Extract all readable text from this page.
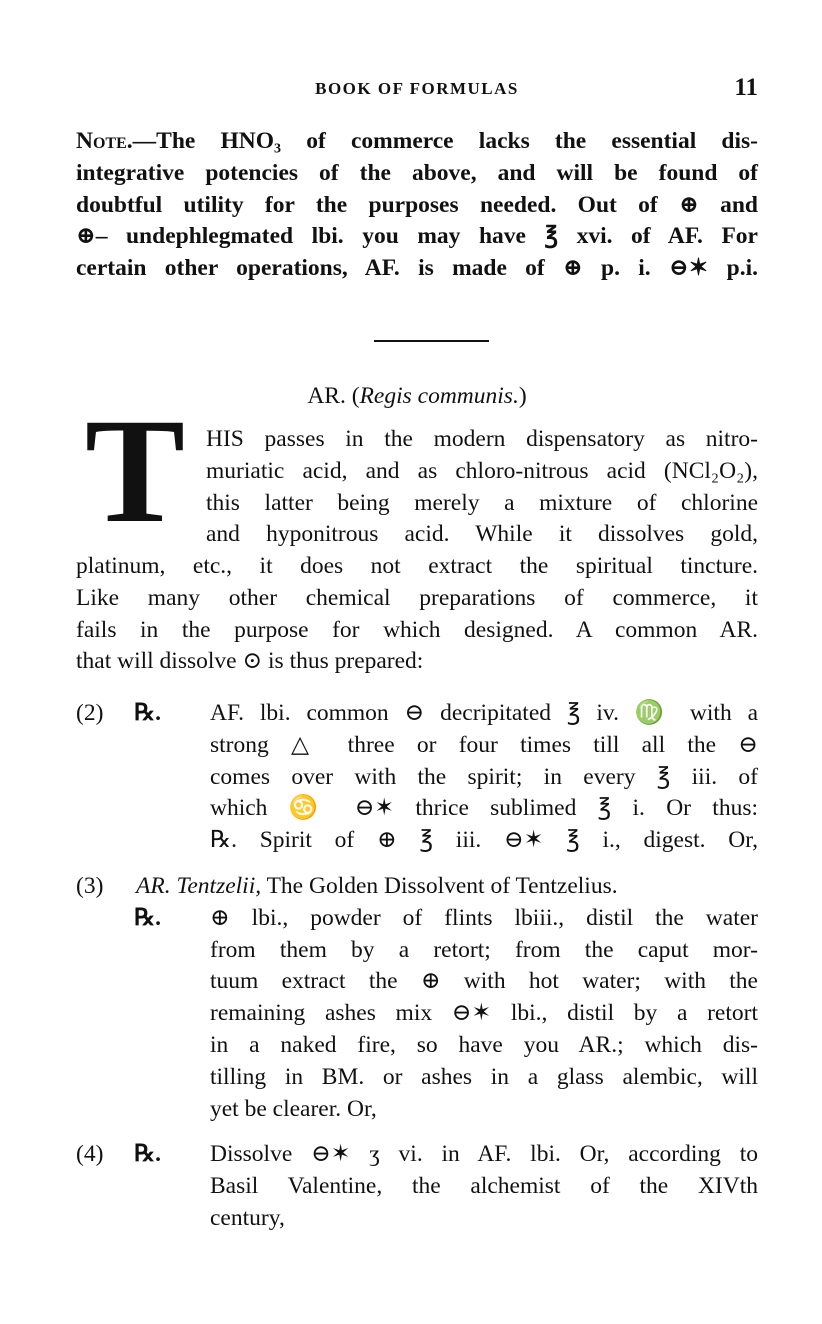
BOOK OF FORMULAS	11
Note.—The HNO₃ of commerce lacks the essential dis-
integrative potencies of the above, and will be found of
doubtful utility for the purposes needed. Out of ⊕ and
⊕– undephlegmated lbi. you may have ℥ xvi. of AF. For
certain other operations, AF. is made of ⊕ p. i. ⊖✶ p.i.
AR. (Regis communis.)
T HIS passes in the modern dispensatory as nitro-
muriatic acid, and as chloro-nitrous acid (NCl₂O₂),
this latter being merely a mixture of chlorine
and hyponitrous acid. While it dissolves gold,
platinum, etc., it does not extract the spiritual tincture.
Like many other chemical preparations of commerce, it
fails in the purpose for which designed. A common AR.
that will dissolve ⊙ is thus prepared:
(2)	℞. AF. lbi. common ⊖ decripitated ℥ iv. ♍ with a
strong △ three or four times till all the ⊖
comes over with the spirit; in every ℥ iii. of
which ♋ ⊖✶ thrice sublimed ℥ i. Or thus:
℞. Spirit of ⊕ ℥ iii. ⊖✶ ℥ i., digest. Or,
(3)	AR. Tentzelii, The Golden Dissolvent of Tentzelius.
℞. ⊕ lbi., powder of flints lbiii., distil the water
from them by a retort; from the caput mor-
tuum extract the ⊕ with hot water; with the
remaining ashes mix ⊖✶ lbi., distil by a retort
in a naked fire, so have you AR.; which dis-
tilling in BM. or ashes in a glass alembic, will
yet be clearer. Or,
(4)	℞. Dissolve ⊖✶ ʒ vi. in AF. lbi. Or, according to
Basil Valentine, the alchemist of the XIVth
century,
